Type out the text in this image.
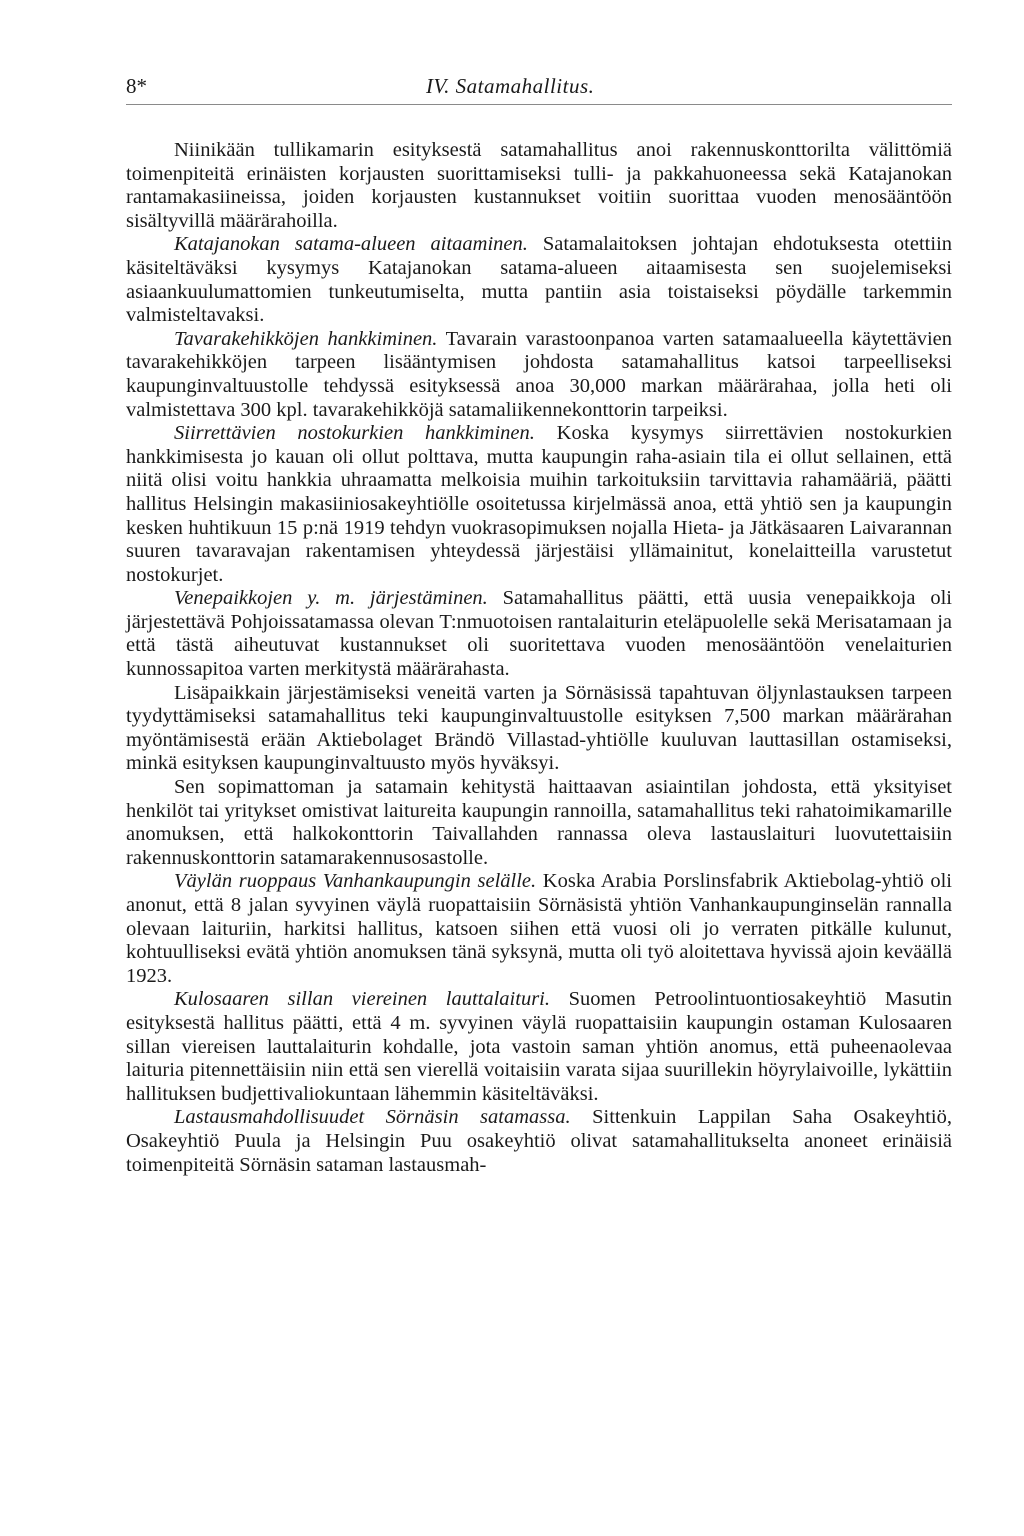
8*	IV. Satamahallitus.

Niinikään tullikamarin esityksestä satamahallitus anoi rakennuskonttorilta välittömiä toimenpiteitä erinäisten korjausten suorittamiseksi tulli- ja pakkahuoneessa sekä Katajanokan rantamakasiineissa, joiden korjausten kustannukset voitiin suorittaa vuoden menosääntöön sisältyvillä määrärahoilla.

Katajanokan satama-alueen aitaaminen. Satamalaitoksen johtajan ehdotuksesta otettiin käsiteltäväksi kysymys Katajanokan satama-alueen aitaamisesta sen suojelemiseksi asiaankuulumattomien tunkeutumiselta, mutta pantiin asia toistaiseksi pöydälle tarkemmin valmisteltavaksi.

Tavarakehikköjen hankkiminen. Tavarain varastoonpanoa varten satamaalueella käytettävien tavarakehikköjen tarpeen lisääntymisen johdosta satamahallitus katsoi tarpeelliseksi kaupunginvaltuustolle tehdyssä esityksessä anoa 30,000 markan määrärahaa, jolla heti oli valmistettava 300 kpl. tavarakehikköjä satamaliikennekonttorin tarpeiksi.

Siirrettävien nostokurkien hankkiminen. Koska kysymys siirrettävien nostokurkien hankkimisesta jo kauan oli ollut polttava, mutta kaupungin raha-asiain tila ei ollut sellainen, että niitä olisi voitu hankkia uhraamatta melkoisia muihin tarkoituksiin tarvittavia rahamääriä, päätti hallitus Helsingin makasiiniosakeyhtiölle osoitetussa kirjelmässä anoa, että yhtiö sen ja kaupungin kesken huhtikuun 15 p:nä 1919 tehdyn vuokrasopimuksen nojalla Hieta- ja Jätkäsaaren Laivarannan suuren tavaravajan rakentamisen yhteydessä järjestäisi yllämainitut, konelaitteilla varustetut nostokurjet.

Venepaikkojen y. m. järjestäminen. Satamahallitus päätti, että uusia venepaikkoja oli järjestettävä Pohjoissatamassa olevan T:nmuotoisen rantalaiturin eteläpuolelle sekä Merisatamaan ja että tästä aiheutuvat kustannukset oli suoritettava vuoden menosääntöön venelaiturien kunnossapitoa varten merkitystä määrärahasta.

Lisäpaikkain järjestämiseksi veneitä varten ja Sörnäsissä tapahtuvan öljynlastauksen tarpeen tyydyttämiseksi satamahallitus teki kaupunginvaltuustolle esityksen 7,500 markan määrärahan myöntämisestä erään Aktiebolaget Brändö Villastad-yhtiölle kuuluvan lauttasillan ostamiseksi, minkä esityksen kaupunginvaltuusto myös hyväksyi.

Sen sopimattoman ja satamain kehitystä haittaavan asiaintilan johdosta, että yksityiset henkilöt tai yritykset omistivat laitureita kaupungin rannoilla, satamahallitus teki rahatoimikamarille anomuksen, että halkokonttorin Taivallahden rannassa oleva lastauslaituri luovutettaisiin rakennuskonttorin satamarakennusosastolle.

Väylän ruoppaus Vanhankaupungin selälle. Koska Arabia Porslinsfabrik Aktiebolag-yhtiö oli anonut, että 8 jalan syvyinen väylä ruopattaisiin Sörnäsistä yhtiön Vanhankaupunginselän rannalla olevaan laituriin, harkitsi hallitus, katsoen siihen että vuosi oli jo verraten pitkälle kulunut, kohtuulliseksi evätä yhtiön anomuksen tänä syksynä, mutta oli työ aloitettava hyvissä ajoin keväällä 1923.

Kulosaaren sillan viereinen lauttalaituri. Suomen Petroolintuontiosakeyhtiö Masutin esityksestä hallitus päätti, että 4 m. syvyinen väylä ruopattaisiin kaupungin ostaman Kulosaaren sillan viereisen lauttalaiturin kohdalle, jota vastoin saman yhtiön anomus, että puheenaolevaa laituria pitennettäisiin niin että sen vierellä voitaisiin varata sijaa suurillekin höyrylaivoille, lykättiin hallituksen budjettivaliokuntaan lähemmin käsiteltäväksi.

Lastausmahdollisuudet Sörnäsin satamassa. Sittenkuin Lappilan Saha Osakeyhtiö, Osakeyhtiö Puula ja Helsingin Puu osakeyhtiö olivat satamahallitukselta anoneet erinäisiä toimenpiteitä Sörnäsin sataman lastausmah-
